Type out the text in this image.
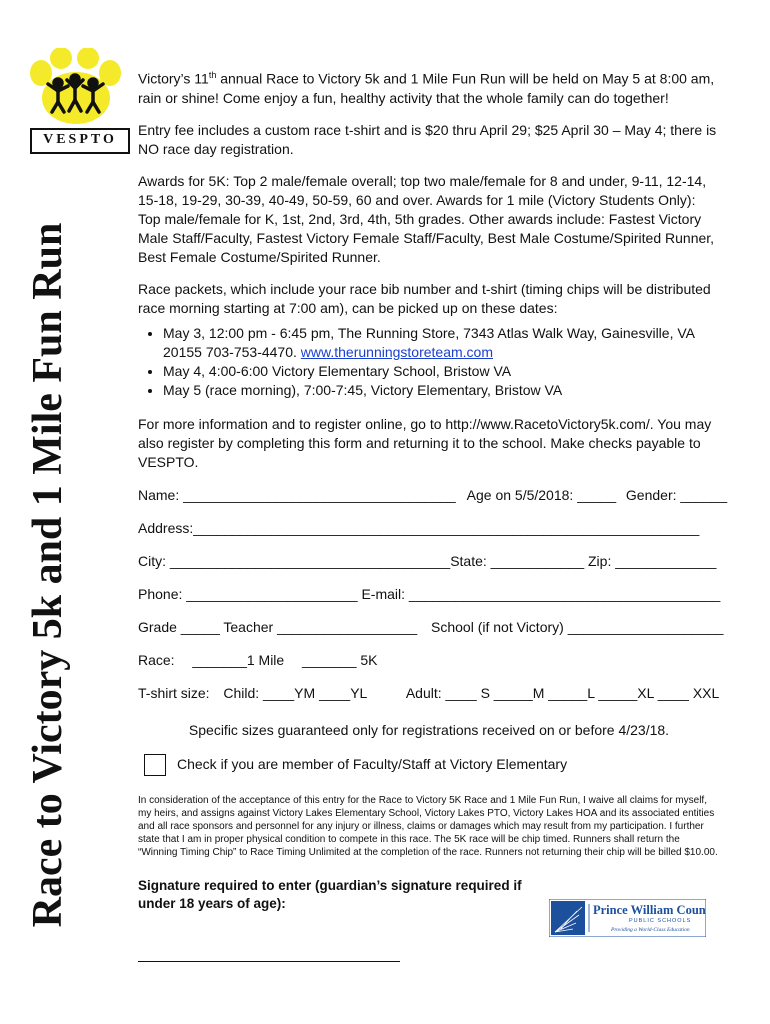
VESPTO
Race to Victory 5k and 1 Mile Fun Run

Victory’s 11th annual Race to Victory 5k and 1 Mile Fun Run will be held on May 5 at 8:00 am, rain or shine! Come enjoy a fun, healthy activity that the whole family can do together!

Entry fee includes a custom race t-shirt and is $20 thru April 29; $25 April 30 – May 4; there is NO race day registration.

Awards for 5K: Top 2 male/female overall; top two male/female for 8 and under, 9-11, 12-14, 15-18, 19-29, 30-39, 40-49, 50-59, 60 and over. Awards for 1 mile (Victory Students Only): Top male/female for K, 1st, 2nd, 3rd, 4th, 5th grades. Other awards include: Fastest Victory Male Staff/Faculty, Fastest Victory Female Staff/Faculty, Best Male Costume/Spirited Runner, Best Female Costume/Spirited Runner.

Race packets, which include your race bib number and t-shirt (timing chips will be distributed race morning starting at 7:00 am), can be picked up on these dates:

• May 3, 12:00 pm - 6:45 pm, The Running Store, 7343 Atlas Walk Way, Gainesville, VA 20155 703-753-4470. www.therunningstoreteam.com
• May 4, 4:00-6:00 Victory Elementary School, Bristow VA
• May 5 (race morning), 7:00-7:45, Victory Elementary, Bristow VA

For more information and to register online, go to http://www.RacetoVictory5k.com/. You may also register by completing this form and returning it to the school. Make checks payable to VESPTO.

Name: ___________________________________ Age on 5/5/2018: _____ Gender: ______
Address:_________________________________________________________________
City: ____________________________________State: ____________ Zip: _____________
Phone: ______________________ E-mail: ________________________________________
Grade _____ Teacher __________________ School (if not Victory) ____________________
Race: _______1 Mile _______ 5K
T-shirt size: Child: ____YM ____YL	Adult: ____ S _____M _____L _____XL ____ XXL
Specific sizes guaranteed only for registrations received on or before 4/23/18.
Check if you are member of Faculty/Staff at Victory Elementary

In consideration of the acceptance of this entry for the Race to Victory 5K Race and 1 Mile Fun Run, I waive all claims for myself, my heirs, and assigns against Victory Lakes Elementary School, Victory Lakes PTO, Victory Lakes HOA and its associated entities and all race sponsors and personnel for any injury or illness, claims or damages which may result from my participation. I further state that I am in proper physical condition to compete in this race. The 5K race will be chip timed. Runners shall return the “Winning Timing Chip” to Race Timing Unlimited at the completion of the race. Runners not returning their chip will be billed $10.00.

Signature required to enter (guardian’s signature required if under 18 years of age):	Prince William County
PUBLIC SCHOOLS
Providing a World-Class Education
